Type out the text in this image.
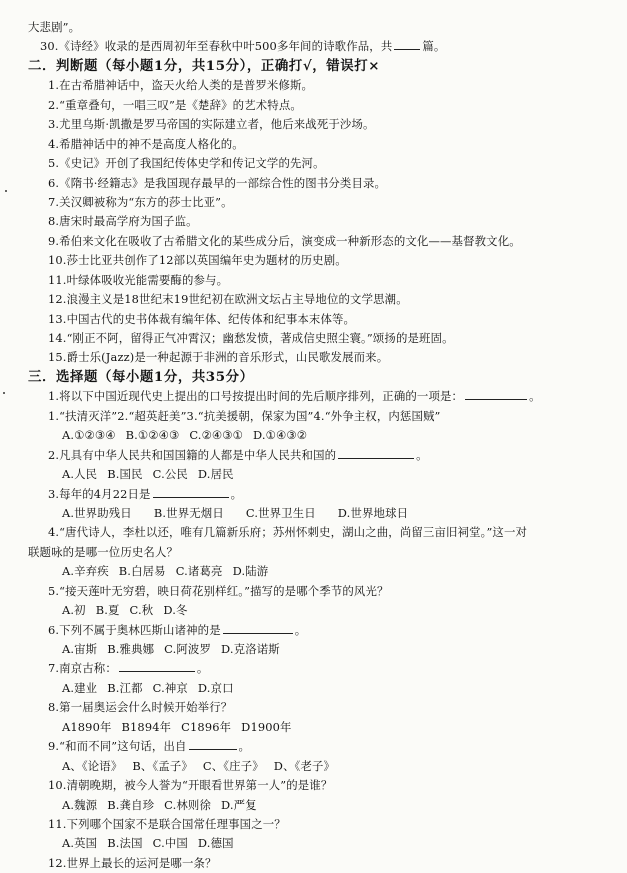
大悲剧”。
30.《诗经》收录的是西周初年至春秋中叶500多年间的诗歌作品，共	篇。
二．判断题（每小题1分，共15分），正确打√，错误打×
1.在古希腊神话中，盗天火给人类的是普罗米修斯。
2.“重章叠句，一唱三叹”是《楚辞》的艺术特点。
3.尤里乌斯·凯撒是罗马帝国的实际建立者，他后来战死于沙场。
4.希腊神话中的神不是高度人格化的。
5.《史记》开创了我国纪传体史学和传记文学的先河。
6.《隋书·经籍志》是我国现存最早的一部综合性的图书分类目录。
7.关汉卿被称为“东方的莎士比亚”。
8.唐宋时最高学府为国子监。
9.希伯来文化在吸收了古希腊文化的某些成分后，演变成一种新形态的文化——基督教文化。
10.莎士比亚共创作了12部以英国编年史为题材的历史剧。
11.叶绿体吸收光能需要酶的参与。
12.浪漫主义是18世纪末19世纪初在欧洲文坛占主导地位的文学思潮。
13.中国古代的史书体裁有编年体、纪传体和纪事本末体等。
14.“刚正不阿，留得正气冲霄汉；幽愁发愤，著成信史照尘寰。”颂扬的是班固。
15.爵士乐(Jazz)是一种起源于非洲的音乐形式，山民歌发展而来。
三．选择题（每小题1分，共35分）
1.将以下中国近现代史上提出的口号按提出时间的先后顺序排列，正确的一项是：	。
1.“扶清灭洋”2.“超英赶美”3.“抗美援朝，保家为国”4.“外争主权，内惩国贼”
A.①②③④ B.①②④③ C.②④③① D.①④③②
2.凡具有中华人民共和国国籍的人都是中华人民共和国的	。
A.人民 B.国民 C.公民 D.居民
3.每年的4月22日是	。
A.世界助残日 B.世界无烟日 C.世界卫生日 D.世界地球日
4.“唐代诗人，李杜以还，唯有几篇新乐府；苏州怀刺史，湖山之曲，尚留三亩旧祠堂。”这一对
联题咏的是哪一位历史名人？
A.辛弃疾 B.白居易 C.诸葛亮 D.陆游
5.“接天莲叶无穷碧，映日荷花别样红。”描写的是哪个季节的风光？
A.初 B.夏 C.秋 D.冬
6.下列不属于奥林匹斯山诸神的是	。
A.宙斯 B.雅典娜 C.阿波罗 D.克洛诺斯
7.南京古称：	。
A.建业 B.江都 C.神京 D.京口
8.第一届奥运会什么时候开始举行？
A1890年 B1894年 C1896年 D1900年
9.“和而不同”这句话，出自	。
A、《论语》 B、《孟子》 C、《庄子》 D、《老子》
10.清朝晚期，被今人誉为“开眼看世界第一人”的是谁？
A.魏源 B.龚自珍 C.林则徐 D.严复
11.下列哪个国家不是联合国常任理事国之一？
A.英国 B.法国 C.中国 D.德国
12.世界上最长的运河是哪一条？
